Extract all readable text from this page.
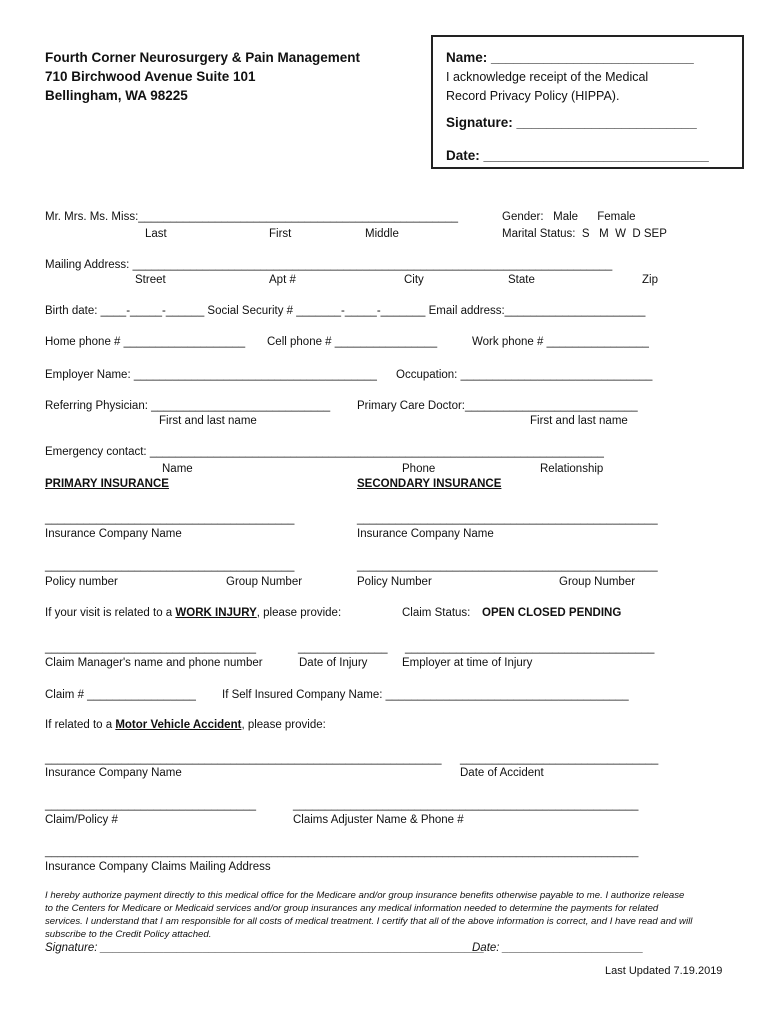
Fourth Corner Neurosurgery & Pain Management
710 Birchwood Avenue Suite 101
Bellingham, WA 98225
Name: ___________________________
I acknowledge receipt of the Medical
Record Privacy Policy (HIPPA).
Signature: ________________________
Date: ______________________________
Mr. Mrs. Ms. Miss:__________________________________________________
Last	First	Middle
Gender:   Male      Female
Marital Status:  S   M  W  D SEP
Mailing Address: ___________________________________________________________________________
Street	Apt #	City	State	Zip
Birth date: ____-_____-______ Social Security # _______-_____-_______ Email address:______________________
Home phone # ___________________ Cell phone # ________________	Work phone # ________________
Employer Name: ______________________________________ Occupation: ______________________________
Referring Physician: ____________________________ Primary Care Doctor:___________________________
First and last name	First and last name
Emergency contact: _______________________________________________________________________
Name	Phone	Relationship
PRIMARY INSURANCE	SECONDARY INSURANCE
_______________________________________	_______________________________________________
Insurance Company Name	Insurance Company Name
_______________________________________	_______________________________________________
Policy number	Group Number	Policy Number	Group Number
If your visit is related to a WORK INJURY, please provide:	Claim Status: OPEN CLOSED PENDING
_________________________________	______________ _______________________________________
Claim Manager's name and phone number	Date of Injury	Employer at time of Injury
Claim # _________________ If Self Insured Company Name: ______________________________________
If related to a Motor Vehicle Accident, please provide:
______________________________________________________________ _______________________________
Insurance Company Name	Date of Accident
_________________________________	______________________________________________________
Claim/Policy #	Claims Adjuster Name & Phone #
_________________________________________________________________________________________________
Insurance Company Claims Mailing Address
I hereby authorize payment directly to this medical office for the Medicare and/or group insurance benefits otherwise payable to me. I authorize release
to the Centers for Medicare or Medicaid services and/or group insurances any medical information needed to determine the payments for related
services. I understand that I am responsible for all costs of medical treatment. I certify that all of the above information is correct, and I have read and will
subscribe to the Credit Policy attached.
Signature: ____________________________________________________________
Date: ______________________
Last Updated 7.19.2019
